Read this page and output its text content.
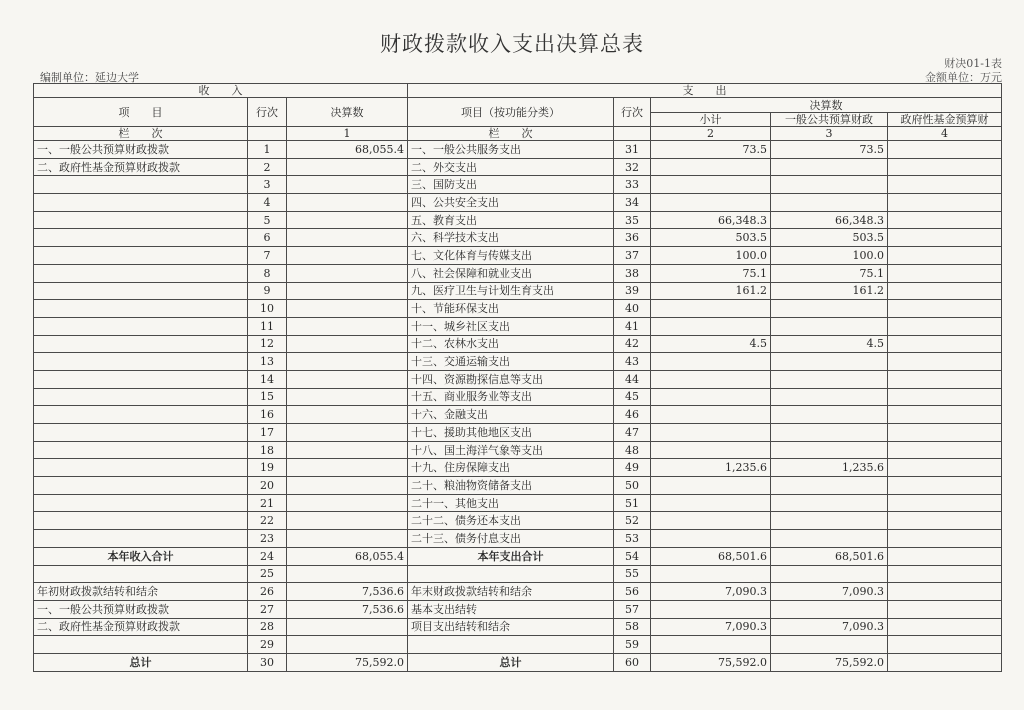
财政拨款收入支出决算总表
财决01-1表
编制单位：延边大学	金额单位：万元
收　　入			支　　出				
项　　目	行次	决算数	项目（按功能分类）	行次	决算数		
					小计	一般公共预算财政	政府性基金预算财
栏　　次		1	栏　　次		2	3	4
一、一般公共预算财政拨款	1	68,055.4	一、一般公共服务支出	31	73.5	73.5	
二、政府性基金预算财政拨款	2		二、外交支出	32			
	3		三、国防支出	33			
	4		四、公共安全支出	34			
	5		五、教育支出	35	66,348.3	66,348.3	
	6		六、科学技术支出	36	503.5	503.5	
	7		七、文化体育与传媒支出	37	100.0	100.0	
	8		八、社会保障和就业支出	38	75.1	75.1	
	9		九、医疗卫生与计划生育支出	39	161.2	161.2	
	10		十、节能环保支出	40			
	11		十一、城乡社区支出	41			
	12		十二、农林水支出	42	4.5	4.5	
	13		十三、交通运输支出	43			
	14		十四、资源勘探信息等支出	44			
	15		十五、商业服务业等支出	45			
	16		十六、金融支出	46			
	17		十七、援助其他地区支出	47			
	18		十八、国土海洋气象等支出	48			
	19		十九、住房保障支出	49	1,235.6	1,235.6	
	20		二十、粮油物资储备支出	50			
	21		二十一、其他支出	51			
	22		二十二、债务还本支出	52			
	23		二十三、债务付息支出	53			
本年收入合计	24	68,055.4	本年支出合计	54	68,501.6	68,501.6	
	25			55			
年初财政拨款结转和结余	26	7,536.6	年末财政拨款结转和结余	56	7,090.3	7,090.3	
一、一般公共预算财政拨款	27	7,536.6	基本支出结转	57			
二、政府性基金预算财政拨款	28		项目支出结转和结余	58	7,090.3	7,090.3	
	29			59			
总计	30	75,592.0	总计	60	75,592.0	75,592.0	
